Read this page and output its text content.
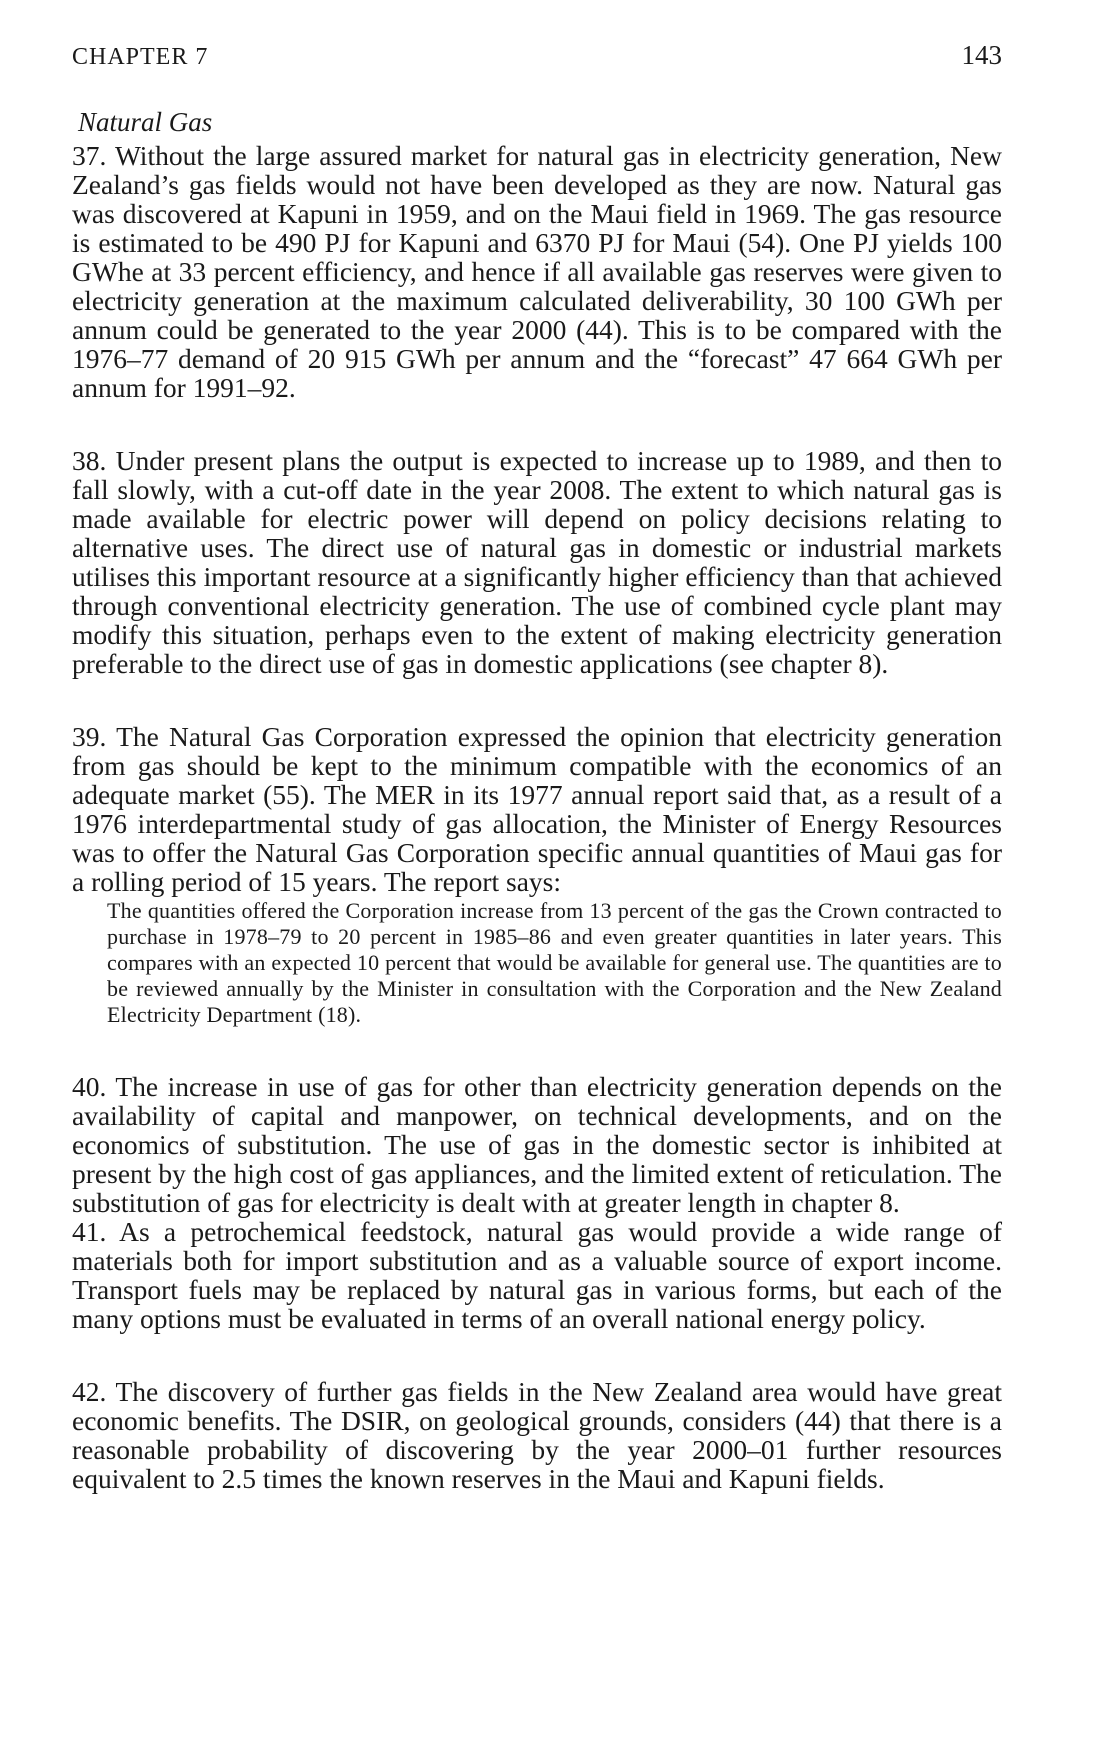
CHAPTER 7	143
Natural Gas

37. Without the large assured market for natural gas in electricity generation, New Zealand’s gas fields would not have been developed as they are now. Natural gas was discovered at Kapuni in 1959, and on the Maui field in 1969. The gas resource is estimated to be 490 PJ for Kapuni and 6370 PJ for Maui (54). One PJ yields 100 GWhe at 33 percent efficiency, and hence if all available gas reserves were given to electricity generation at the maximum calculated deliverability, 30 100 GWh per annum could be generated to the year 2000 (44). This is to be compared with the 1976–77 demand of 20 915 GWh per annum and the “forecast” 47 664 GWh per annum for 1991–92.

38. Under present plans the output is expected to increase up to 1989, and then to fall slowly, with a cut-off date in the year 2008. The extent to which natural gas is made available for electric power will depend on policy decisions relating to alternative uses. The direct use of natural gas in domestic or industrial markets utilises this important resource at a significantly higher efficiency than that achieved through conventional electricity generation. The use of combined cycle plant may modify this situation, perhaps even to the extent of making electricity generation preferable to the direct use of gas in domestic applications (see chapter 8).

39. The Natural Gas Corporation expressed the opinion that electricity generation from gas should be kept to the minimum compatible with the economics of an adequate market (55). The MER in its 1977 annual report said that, as a result of a 1976 interdepartmental study of gas allocation, the Minister of Energy Resources was to offer the Natural Gas Corporation specific annual quantities of Maui gas for a rolling period of 15 years. The report says:

The quantities offered the Corporation increase from 13 percent of the gas the Crown contracted to purchase in 1978–79 to 20 percent in 1985–86 and even greater quantities in later years. This compares with an expected 10 percent that would be available for general use. The quantities are to be reviewed annually by the Minister in consultation with the Corporation and the New Zealand Electricity Department (18).

40. The increase in use of gas for other than electricity generation depends on the availability of capital and manpower, on technical developments, and on the economics of substitution. The use of gas in the domestic sector is inhibited at present by the high cost of gas appliances, and the limited extent of reticulation. The substitution of gas for electricity is dealt with at greater length in chapter 8.

41. As a petrochemical feedstock, natural gas would provide a wide range of materials both for import substitution and as a valuable source of export income. Transport fuels may be replaced by natural gas in various forms, but each of the many options must be evaluated in terms of an overall national energy policy.

42. The discovery of further gas fields in the New Zealand area would have great economic benefits. The DSIR, on geological grounds, considers (44) that there is a reasonable probability of discovering by the year 2000–01 further resources equivalent to 2.5 times the known reserves in the Maui and Kapuni fields.
